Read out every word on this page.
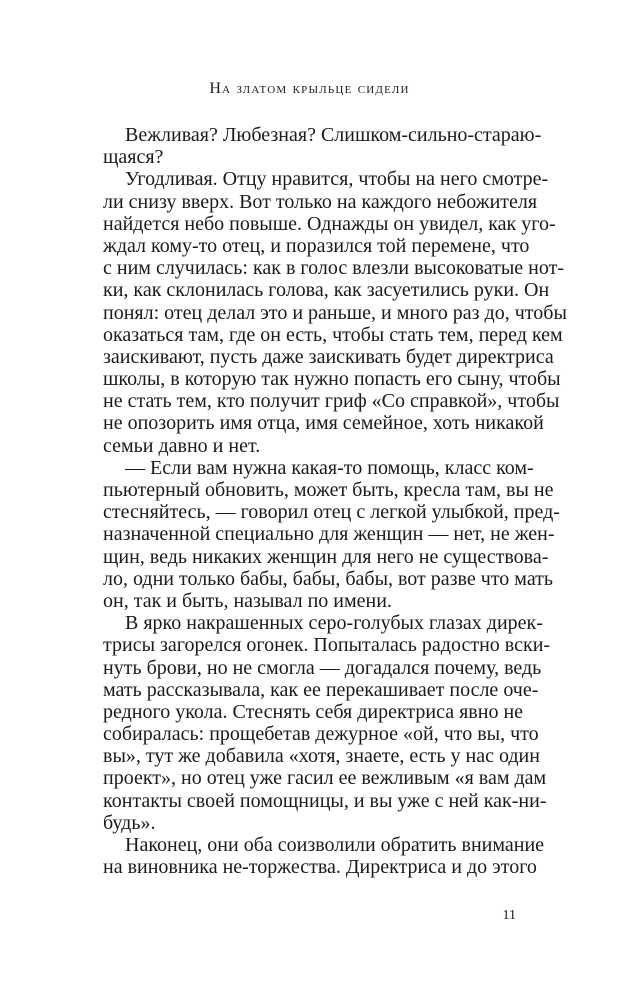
На златом крыльце сидели
Вежливая? Любезная? Слишком-сильно-стараю-
щаяся?
Угодливая. Отцу нравится, чтобы на него смотре-
ли снизу вверх. Вот только на каждого небожителя
найдется небо повыше. Однажды он увидел, как уго-
ждал кому-то отец, и поразился той перемене, что
с ним случилась: как в голос влезли высоковатые нот-
ки, как склонилась голова, как засуетились руки. Он
понял: отец делал это и раньше, и много раз до, чтобы
оказаться там, где он есть, чтобы стать тем, перед кем
заискивают, пусть даже заискивать будет директриса
школы, в которую так нужно попасть его сыну, чтобы
не стать тем, кто получит гриф «Со справкой», чтобы
не опозорить имя отца, имя семейное, хоть никакой
семьи давно и нет.
— Если вам нужна какая-то помощь, класс ком-
пьютерный обновить, может быть, кресла там, вы не
стесняйтесь, — говорил отец с легкой улыбкой, пред-
назначенной специально для женщин — нет, не жен-
щин, ведь никаких женщин для него не существова-
ло, одни только бабы, бабы, бабы, вот разве что мать
он, так и быть, называл по имени.
В ярко накрашенных серо-голубых глазах дирек-
трисы загорелся огонек. Попыталась радостно вски-
нуть брови, но не смогла — догадался почему, ведь
мать рассказывала, как ее перекашивает после оче-
редного укола. Стеснять себя директриса явно не
собиралась: прощебетав дежурное «ой, что вы, что
вы», тут же добавила «хотя, знаете, есть у нас один
проект», но отец уже гасил ее вежливым «я вам дам
контакты своей помощницы, и вы уже с ней как-ни-
будь».
Наконец, они оба соизволили обратить внимание
на виновника не-торжества. Директриса и до этого
11
